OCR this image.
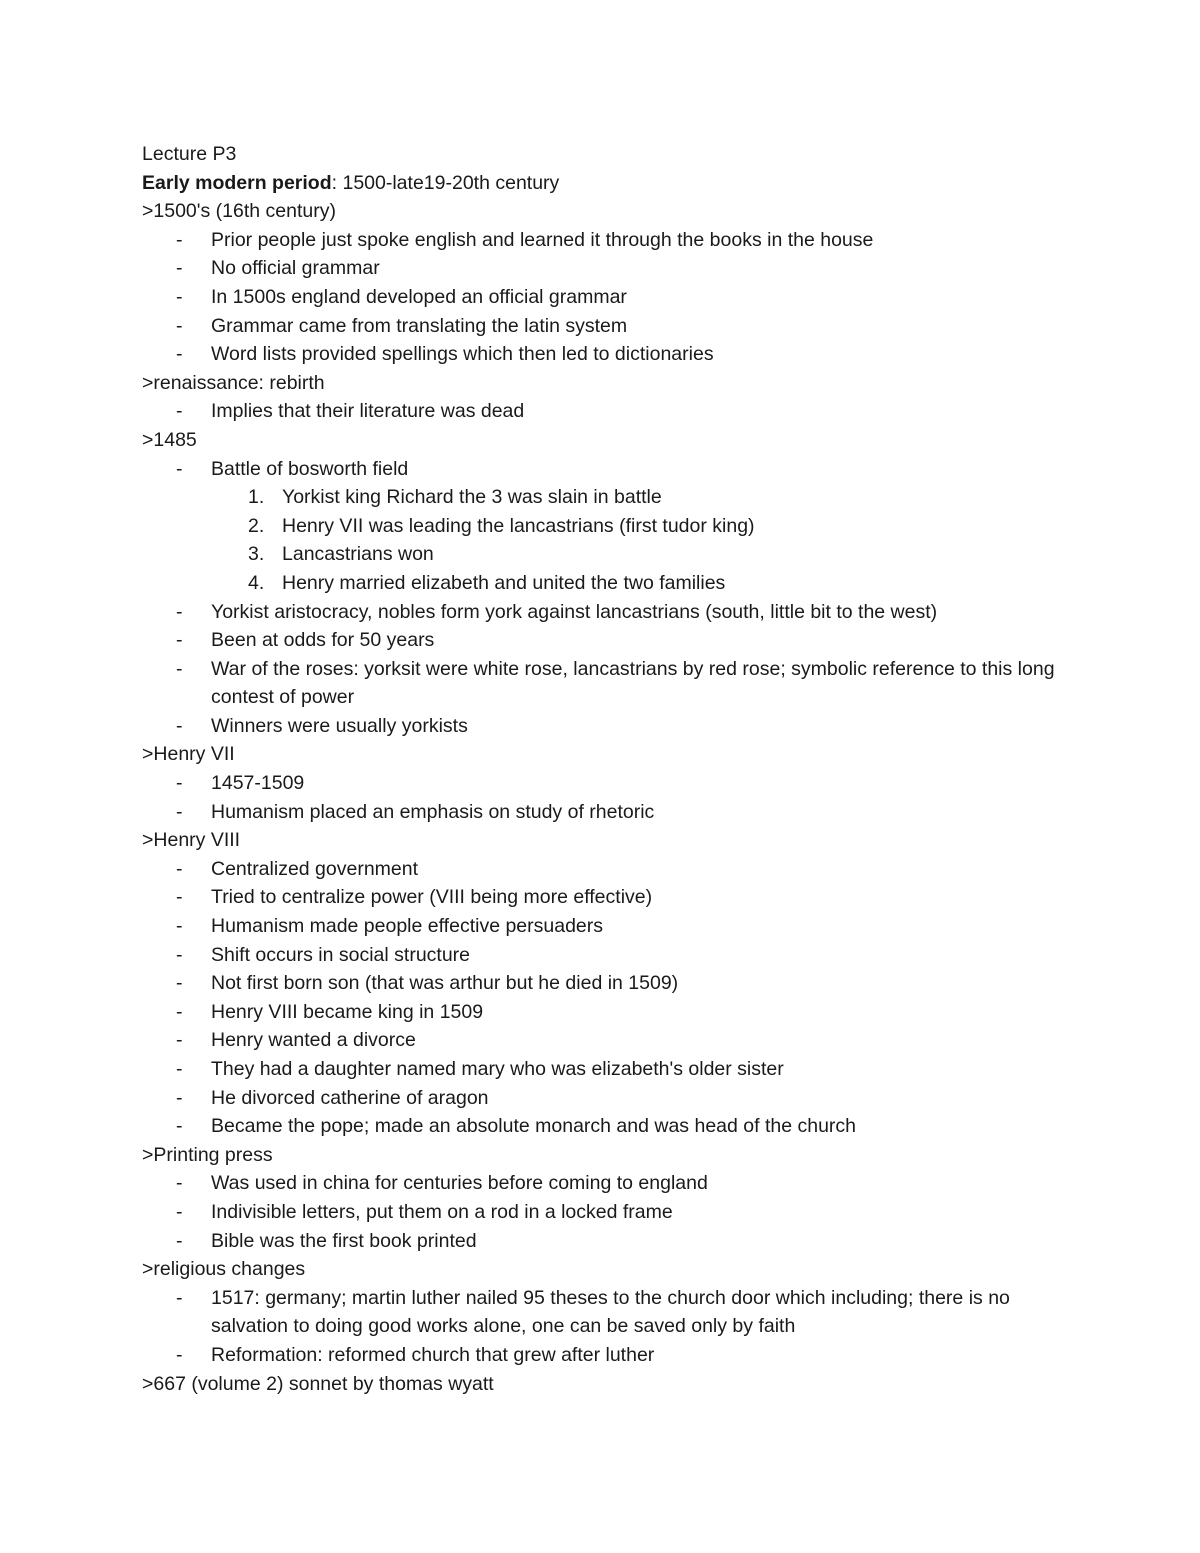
Lecture P3

Early modern period: 1500-late19-20th century

>1500's (16th century)

- Prior people just spoke english and learned it through the books in the house

- No official grammar

- In 1500s england developed an official grammar

- Grammar came from translating the latin system

- Word lists provided spellings which then led to dictionaries

>renaissance: rebirth

- Implies that their literature was dead

>1485

- Battle of bosworth field

1. Yorkist king Richard the 3 was slain in battle

2. Henry VII was leading the lancastrians (first tudor king)

3. Lancastrians won

4. Henry married elizabeth and united the two families

- Yorkist aristocracy, nobles form york against lancastrians (south, little bit to the west)

- Been at odds for 50 years

- War of the roses: yorksit were white rose, lancastrians by red rose; symbolic reference to this long contest of power

- Winners were usually yorkists

>Henry VII

- 1457-1509

- Humanism placed an emphasis on study of rhetoric

>Henry VIII

- Centralized government

- Tried to centralize power (VIII being more effective)

- Humanism made people effective persuaders

- Shift occurs in social structure

- Not first born son (that was arthur but he died in 1509)

- Henry VIII became king in 1509

- Henry wanted a divorce

- They had a daughter named mary who was elizabeth's older sister

- He divorced catherine of aragon

- Became the pope; made an absolute monarch and was head of the church

>Printing press

- Was used in china for centuries before coming to england

- Indivisible letters, put them on a rod in a locked frame

- Bible was the first book printed

>religious changes

- 1517: germany; martin luther nailed 95 theses to the church door which including; there is no salvation to doing good works alone, one can be saved only by faith

- Reformation: reformed church that grew after luther

>667 (volume 2) sonnet by thomas wyatt
